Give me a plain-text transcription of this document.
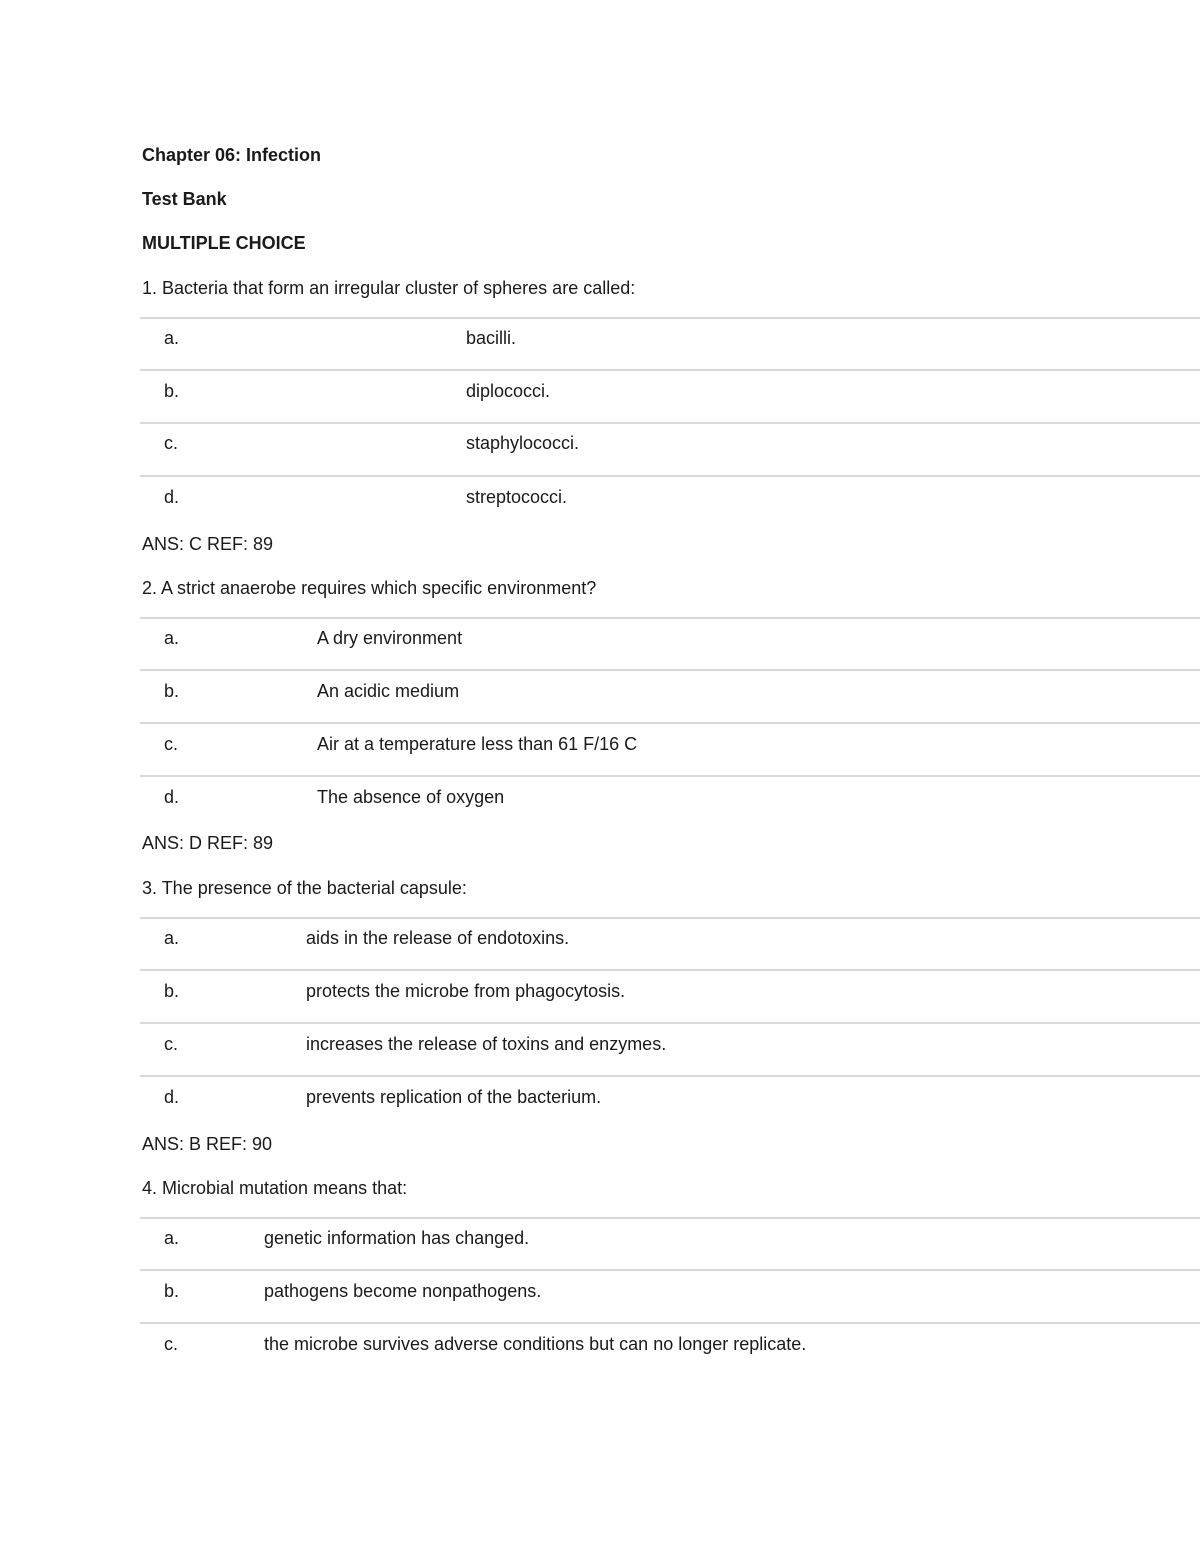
Chapter 06: Infection
Test Bank
MULTIPLE CHOICE
1. Bacteria that form an irregular cluster of spheres are called:
a.	bacilli.
b.	diplococci.
c.	staphylococci.
d.	streptococci.
ANS: C REF: 89
2. A strict anaerobe requires which specific environment?
a.	A dry environment
b.	An acidic medium
c.	Air at a temperature less than 61 F/16 C
d.	The absence of oxygen
ANS: D REF: 89
3. The presence of the bacterial capsule:
a.	aids in the release of endotoxins.
b.	protects the microbe from phagocytosis.
c.	increases the release of toxins and enzymes.
d.	prevents replication of the bacterium.
ANS: B REF: 90
4. Microbial mutation means that:
a.	genetic information has changed.
b.	pathogens become nonpathogens.
c.	the microbe survives adverse conditions but can no longer replicate.
